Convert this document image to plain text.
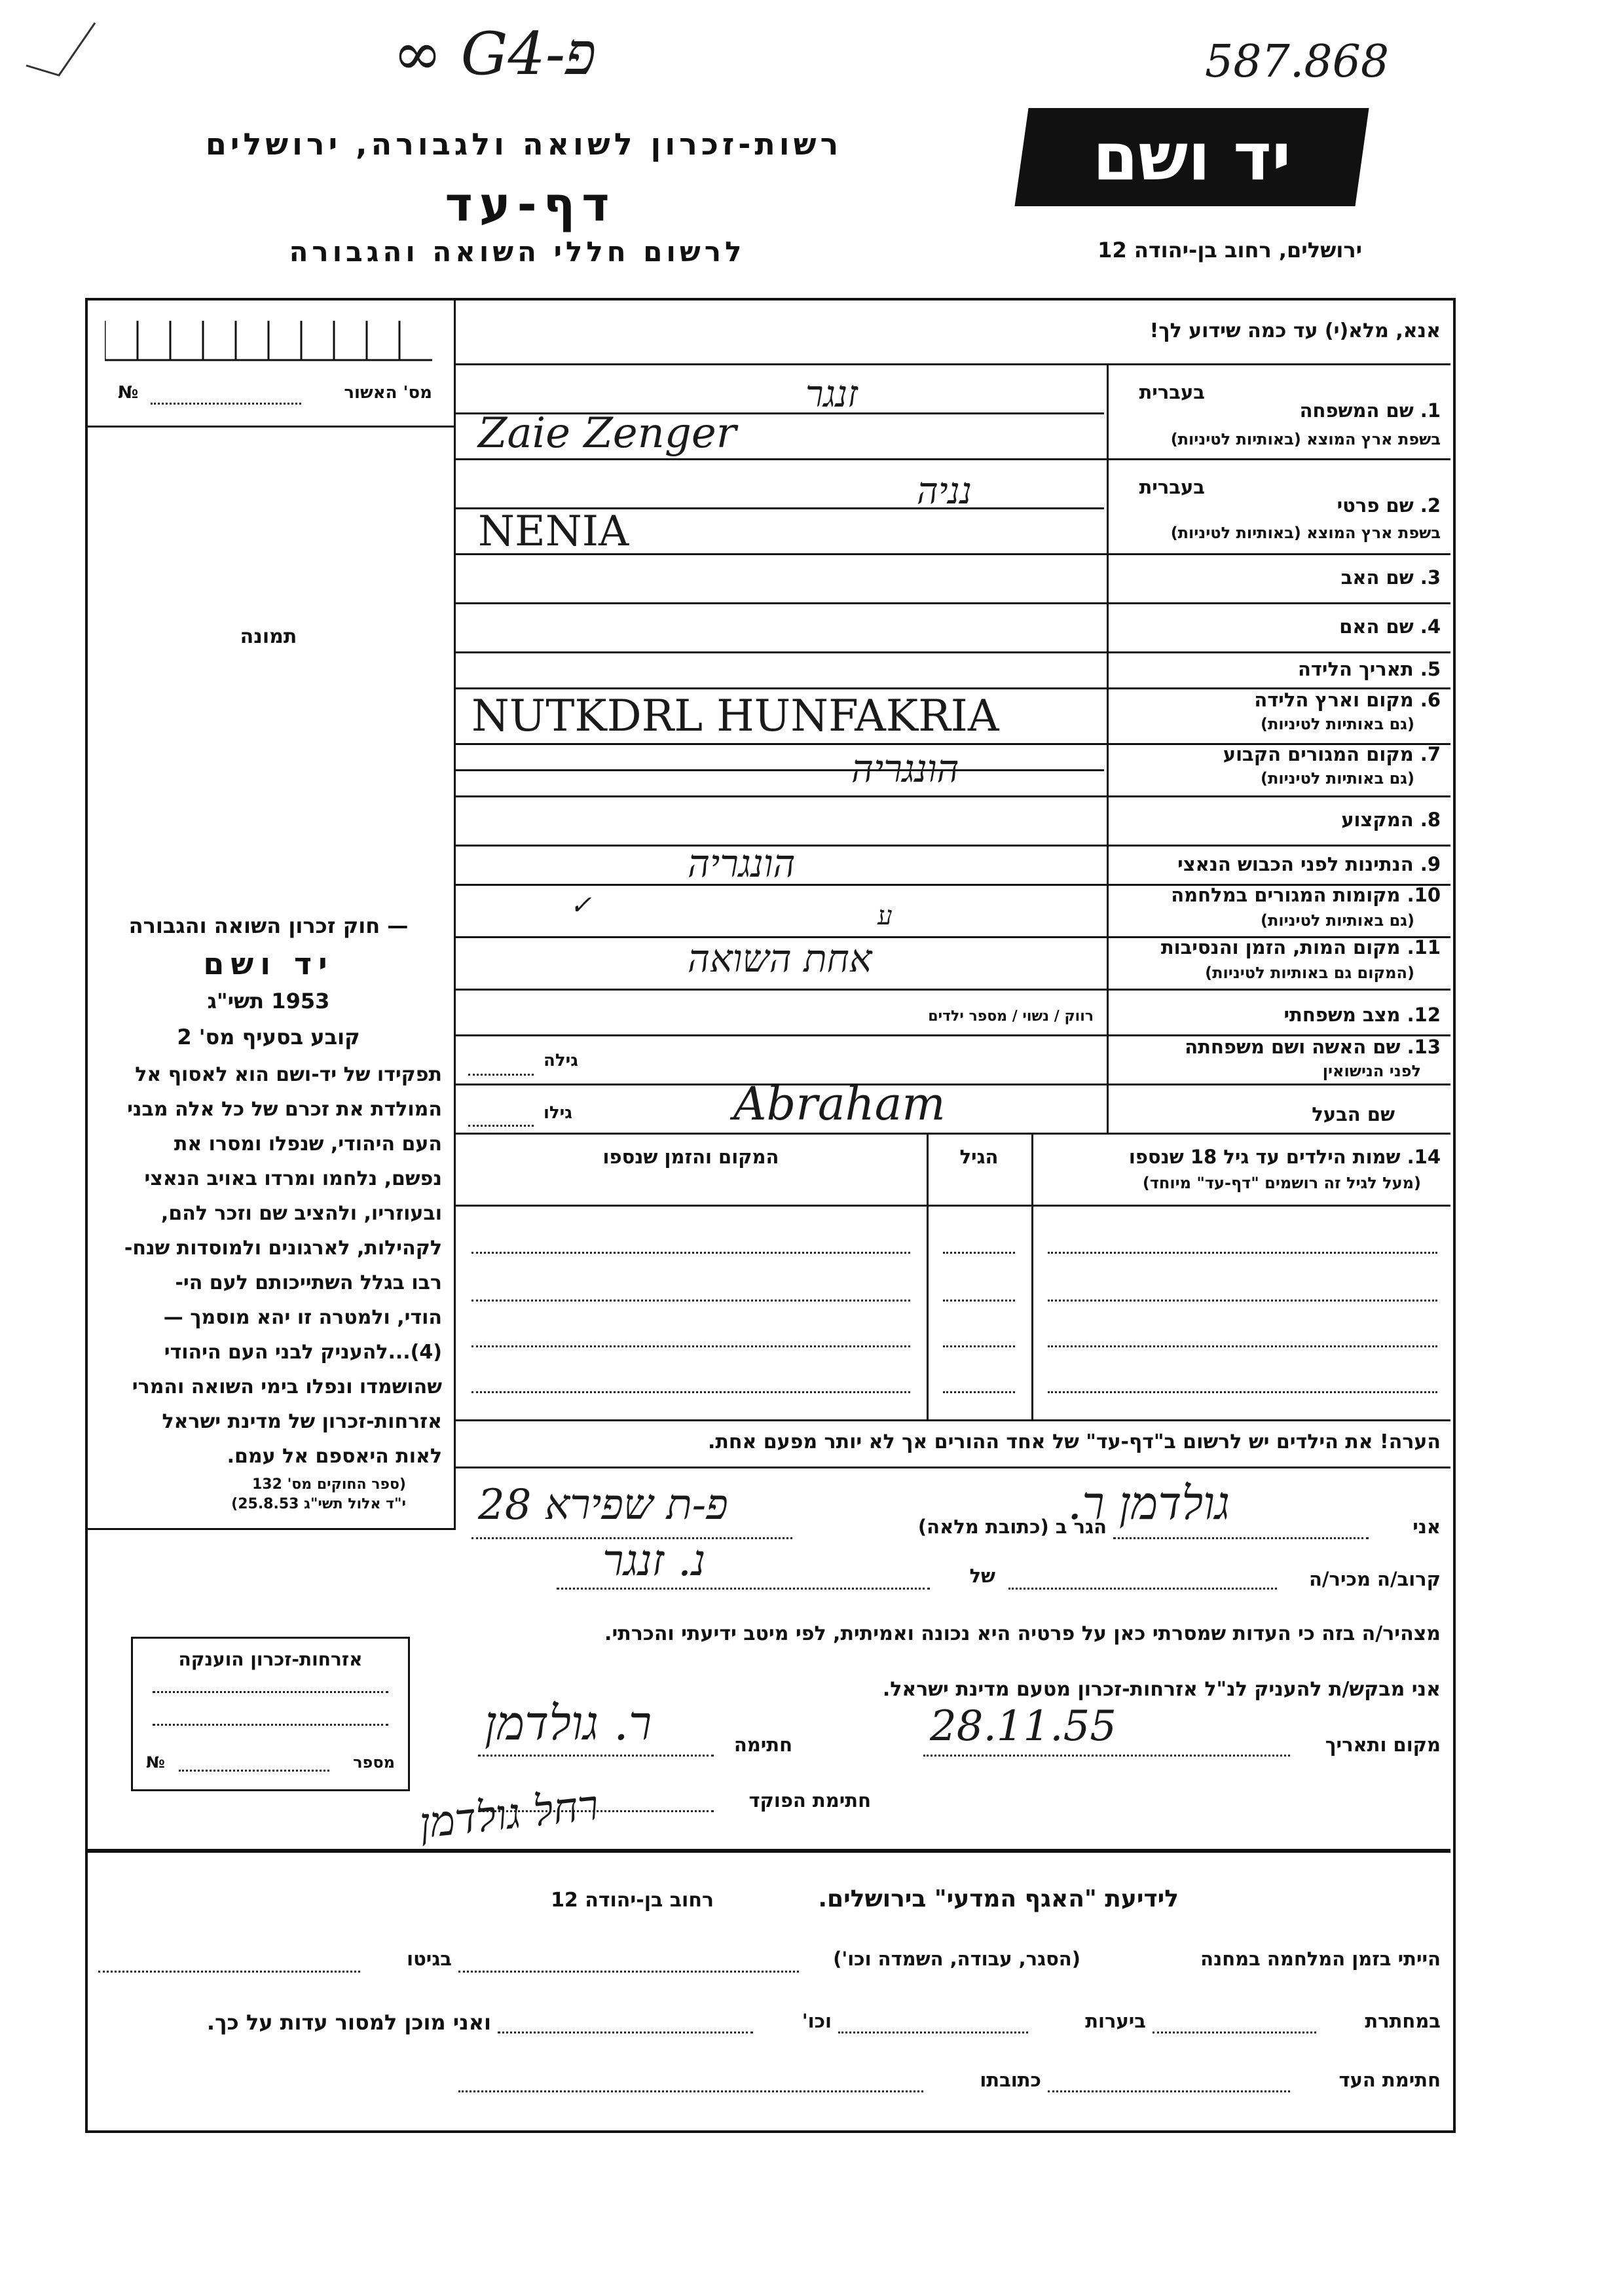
∞ G4-פ	587.868
רשות-זכרון לשואה ולגבורה, ירושלים
דף-עד
לרשום חללי השואה והגבורה
יד ושם
ירושלים, רחוב בן-יהודה 12
מס' האשור
№
תמונה
— חוק זכרון השואה והגבורה
יד ושם
1953 תשי"ג
קובע בסעיף מס' 2
תפקידו של יד-ושם הוא לאסוף אל
המולדת את זכרם של כל אלה מבני
העם היהודי, שנפלו ומסרו את
נפשם, נלחמו ומרדו באויב הנאצי
ובעוזריו, ולהציב שם וזכר להם,
לקהילות, לארגונים ולמוסדות שנח-
רבו בגלל השתייכותם לעם הי-
הודי, ולמטרה זו יהא מוסמך —
(4)...להעניק לבני העם היהודי
שהושמדו ונפלו בימי השואה והמרי
אזרחות-זכרון של מדינת ישראל
לאות היאספם אל עמם.
(ספר החוקים מס' 132
י"ד אלול תשי"ג 25.8.53)
אזרחות-זכרון הוענקה
מספר
№
אנא, מלא(י) עד כמה שידוע לך!
בעברית
1. שם המשפחה
בשפת ארץ המוצא (באותיות לטיניות)
בעברית
2. שם פרטי
בשפת ארץ המוצא (באותיות לטיניות)
3. שם האב
4. שם האם
5. תאריך הלידה
6. מקום וארץ הלידה
(גם באותיות לטיניות)
7. מקום המגורים הקבוע
(גם באותיות לטיניות)
8. המקצוע
9. הנתינות לפני הכבוש הנאצי
10. מקומות המגורים במלחמה
(גם באותיות לטיניות)
11. מקום המות, הזמן והנסיבות
(המקום גם באותיות לטיניות)
12. מצב משפחתי
רווק / נשוי / מספר ילדים
13. שם האשה ושם משפחתה
לפני הנישואין
גילה
שם הבעל
גילו
זנגר
Zaie Zenger
נניה
NENIA
NUTKDRL HUNFAKRIA
הונגריה
הונגריה
ע
✓
אחת השואה
Abraham
14. שמות הילדים עד גיל 18 שנספו
(מעל לגיל זה רושמים "דף-עד" מיוחד)
הגיל
המקום והזמן שנספו
הערה! את הילדים יש לרשום ב"דף-עד" של אחד ההורים אך לא יותר מפעם אחת.
אני
גולדמן ר.
הגר ב (כתובת מלאה)
פ-ת שפירא 28
קרוב/ה מכיר/ה
של
נ. זנגר
מצהיר/ה בזה כי העדות שמסרתי כאן על פרטיה היא נכונה ואמיתית, לפי מיטב ידיעתי והכרתי.
אני מבקש/ת להעניק לנ"ל אזרחות-זכרון מטעם מדינת ישראל.
מקום ותאריך
28.11.55
חתימה
ר. גולדמן
חתימת הפוקד
רחל גולדמן
לידיעת "האגף המדעי" בירושלים.
רחוב בן-יהודה 12
הייתי בזמן המלחמה במחנה
(הסגר, עבודה, השמדה וכו')
בגיטו
במחתרת
ביערות
וכו'
ואני מוכן למסור עדות על כך.
חתימת העד
כתובתו
